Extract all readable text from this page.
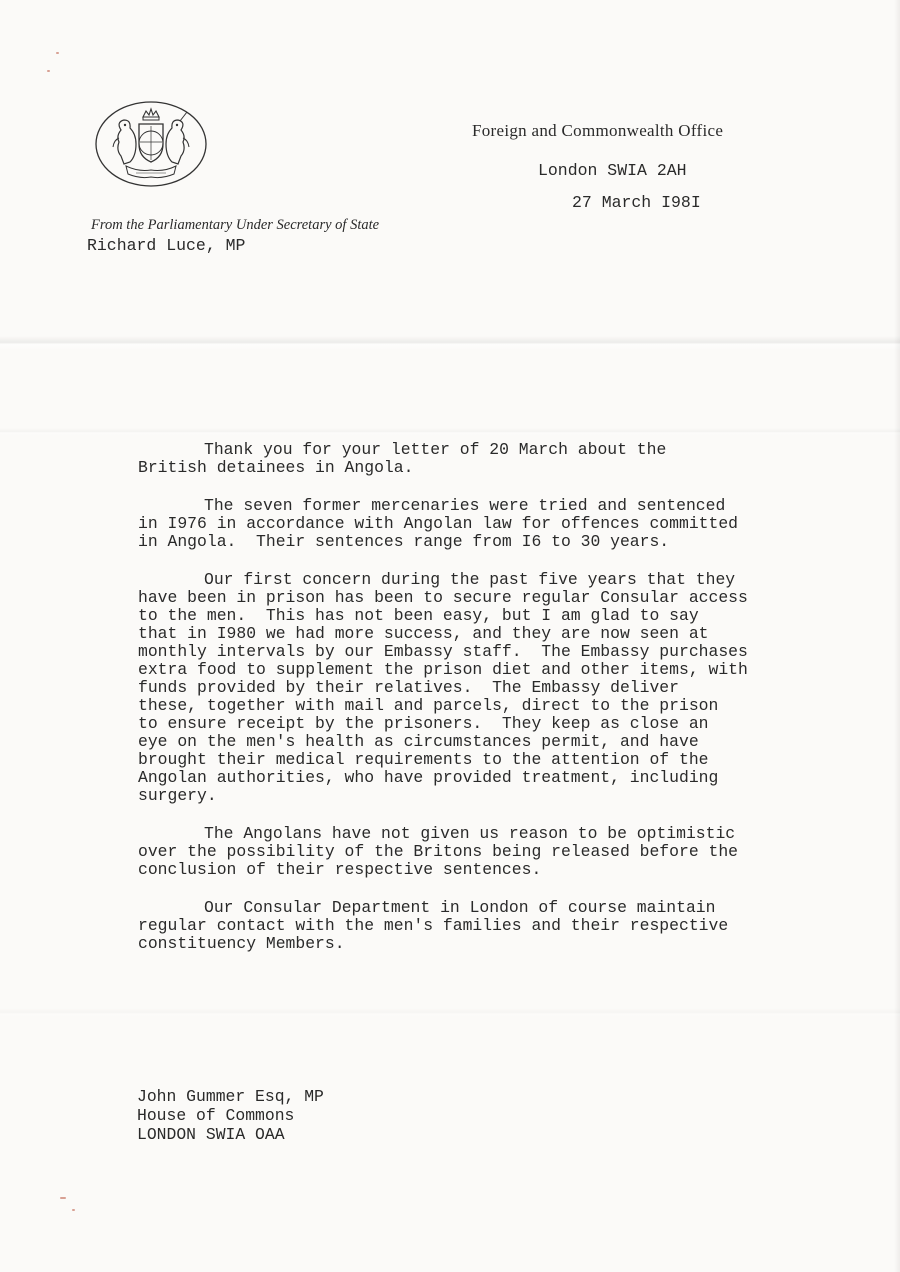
Foreign and Commonwealth Office
London SWIA 2AH
27 March I98I
From the Parliamentary Under Secretary of State
Richard Luce, MP
Thank you for your letter of 20 March about the
British detainees in Angola.
The seven former mercenaries were tried and sentenced
in I976 in accordance with Angolan law for offences committed
in Angola.  Their sentences range from I6 to 30 years.
Our first concern during the past five years that they
have been in prison has been to secure regular Consular access
to the men.  This has not been easy, but I am glad to say
that in I980 we had more success, and they are now seen at
monthly intervals by our Embassy staff.  The Embassy purchases
extra food to supplement the prison diet and other items, with
funds provided by their relatives.  The Embassy deliver
these, together with mail and parcels, direct to the prison
to ensure receipt by the prisoners.  They keep as close an
eye on the men's health as circumstances permit, and have
brought their medical requirements to the attention of the
Angolan authorities, who have provided treatment, including
surgery.
The Angolans have not given us reason to be optimistic
over the possibility of the Britons being released before the
conclusion of their respective sentences.
Our Consular Department in London of course maintain
regular contact with the men's families and their respective
constituency Members.
John Gummer Esq, MP
House of Commons
LONDON SWIA OAA
